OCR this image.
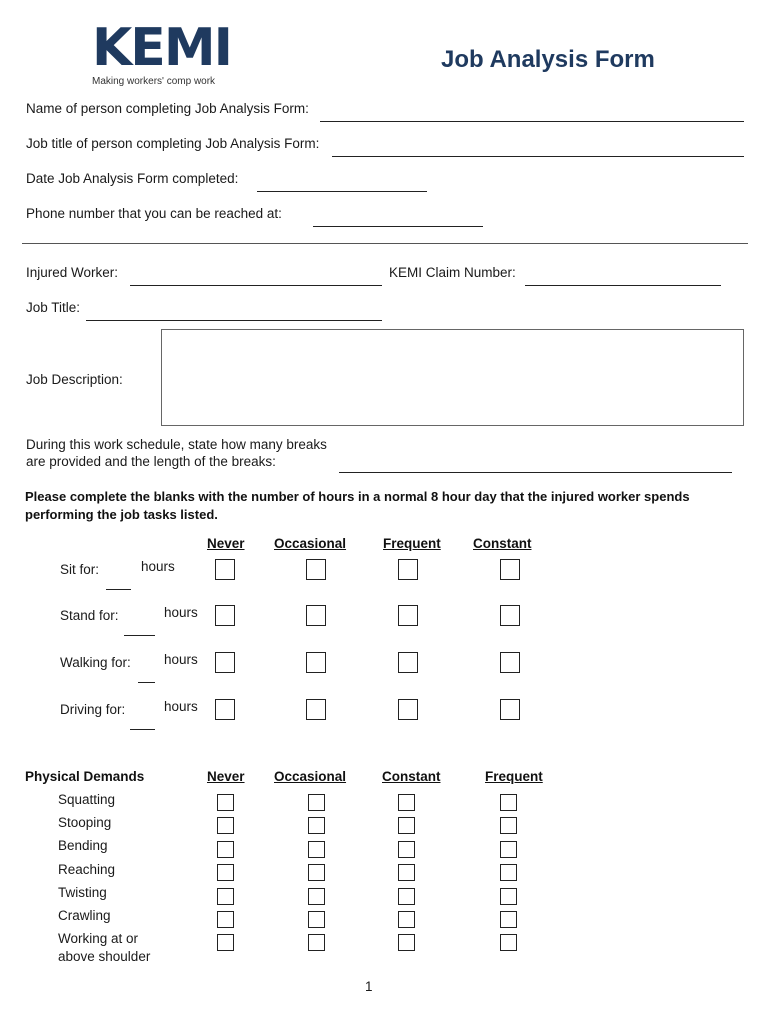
KEMI
Making workers' comp work
Job Analysis Form
Name of person completing Job Analysis Form:
Job title of person completing Job Analysis Form:
Date Job Analysis Form completed:
Phone number that you can be reached at:
Injured Worker:	KEMI Claim Number:
Job Title:
Job Description:
During this work schedule, state how many breaks
are provided and the length of the breaks:
Please complete the blanks with the number of hours in a normal 8 hour day that the injured worker spends
performing the job tasks listed.
Never Occasional	Frequent Constant
Sit for:	hours
Stand for:	hours
Walking for: hours
Driving for:	hours
Physical Demands	Never Occasional	Constant	Frequent
Squatting
Stooping
Bending
Reaching
Twisting
Crawling
Working at or
above shoulder
1
